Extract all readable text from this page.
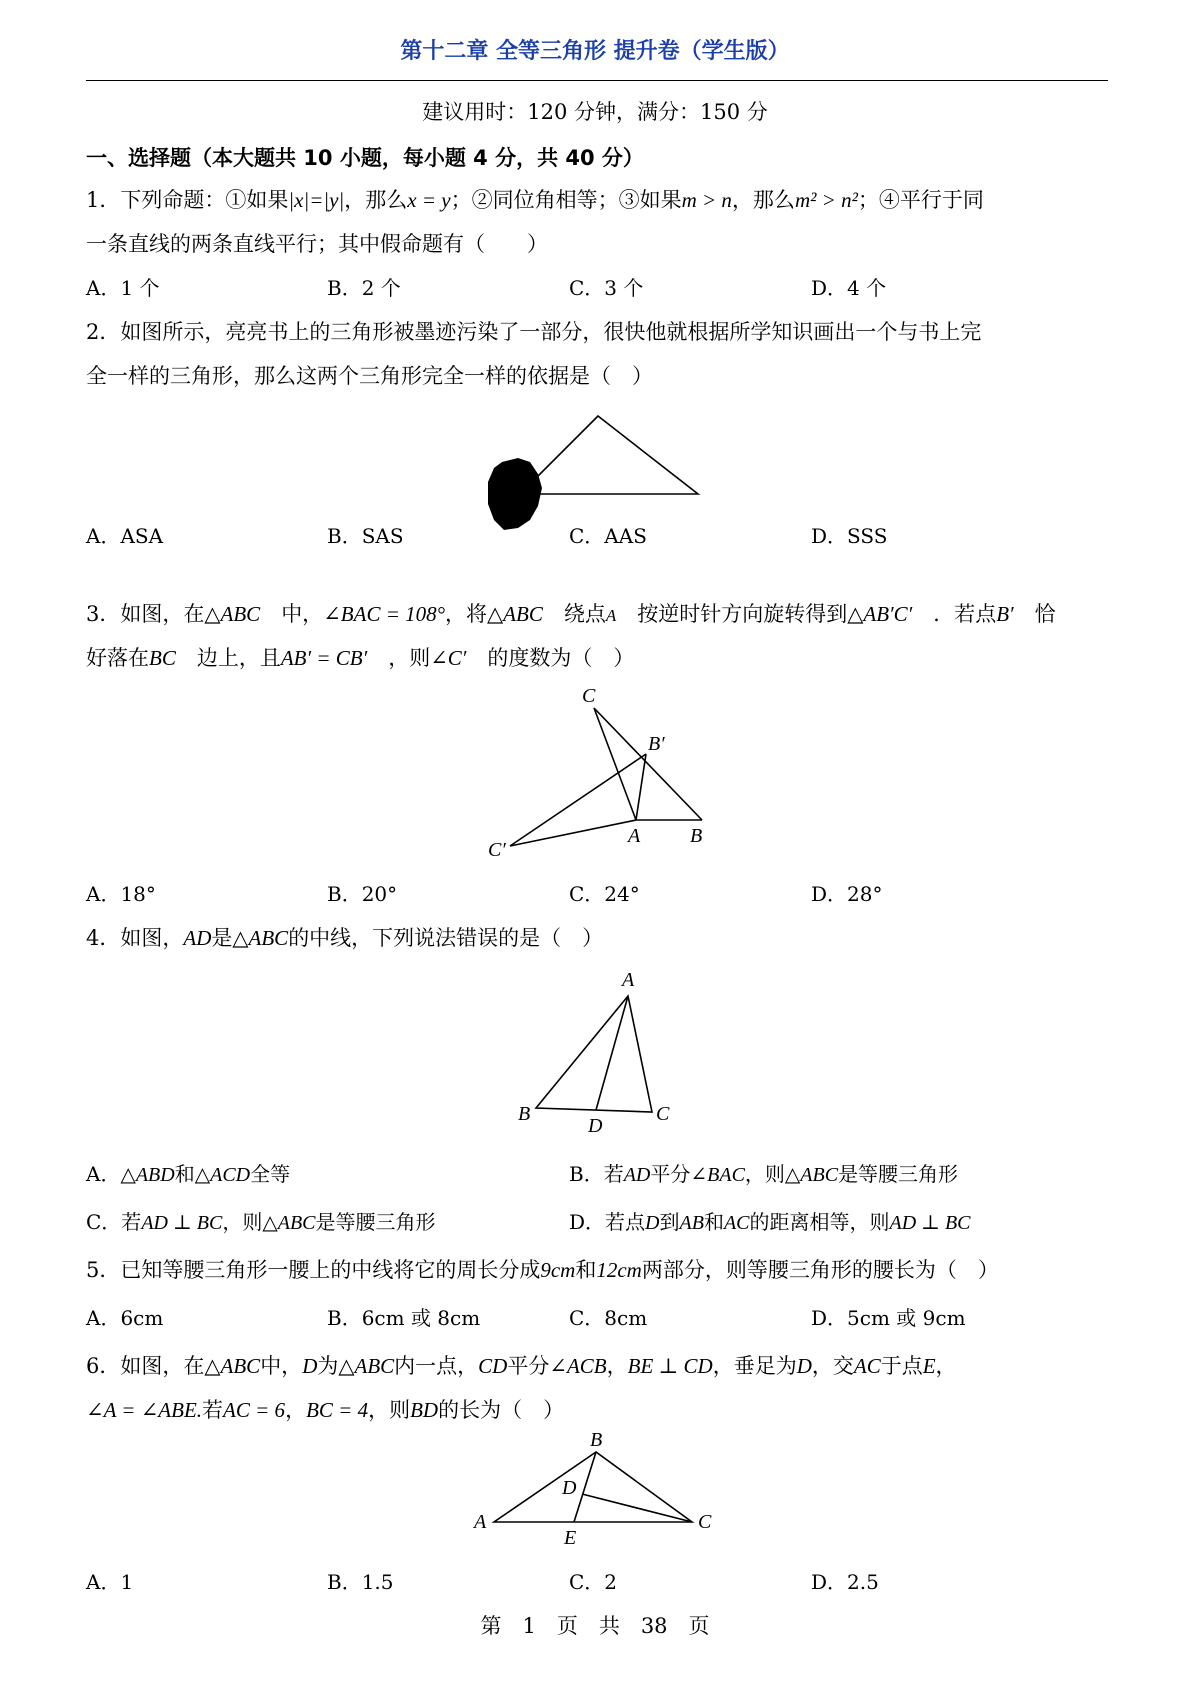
第十二章 全等三角形 提升卷（学生版）
建议用时：120 分钟，满分：150 分
一、选择题（本大题共 10 小题，每小题 4 分，共 40 分）
1．下列命题：①如果|x|=|y|，那么x = y；②同位角相等；③如果m > n，那么m² > n²；④平行于同
一条直线的两条直线平行；其中假命题有（　　）
A．1 个	B．2 个	C．3 个	D．4 个
2．如图所示，亮亮书上的三角形被墨迹污染了一部分，很快他就根据所学知识画出一个与书上完
全一样的三角形，那么这两个三角形完全一样的依据是（　）
A．ASA	B．SAS	C．AAS	D．SSS
3．如图，在△ABC　 中，∠BAC = 108°，将△ABC　 绕点A　 按逆时针方向旋转得到△AB′C′　 ．若点B′　 恰
好落在BC　 边上，且AB′ = CB′　 ，则∠C′　 的度数为（　）
C
B′
A B
C′
A．18°	B．20°	C．24°	D．28°
4．如图，AD是△ABC的中线，下列说法错误的是（　）
A
B
D
C
A．△ABD和△ACD全等	B．若AD平分∠BAC，则△ABC是等腰三角形
C．若AD ⊥ BC，则△ABC是等腰三角形	D．若点D到AB和AC的距离相等，则AD ⊥ BC
5．已知等腰三角形一腰上的中线将它的周长分成9cm和12cm两部分，则等腰三角形的腰长为（　）
A．6cm	B．6cm 或 8cm	C．8cm	D．5cm 或 9cm
6．如图，在△ABC中，D为△ABC内一点，CD平分∠ACB，BE ⊥ CD，垂足为D，交AC于点E，
∠A = ∠ABE.若AC = 6，BC = 4，则BD的长为（　）
B
D
A
E
C
A．1	B．1.5	C．2	D．2.5
第　1　页　共　38　页
